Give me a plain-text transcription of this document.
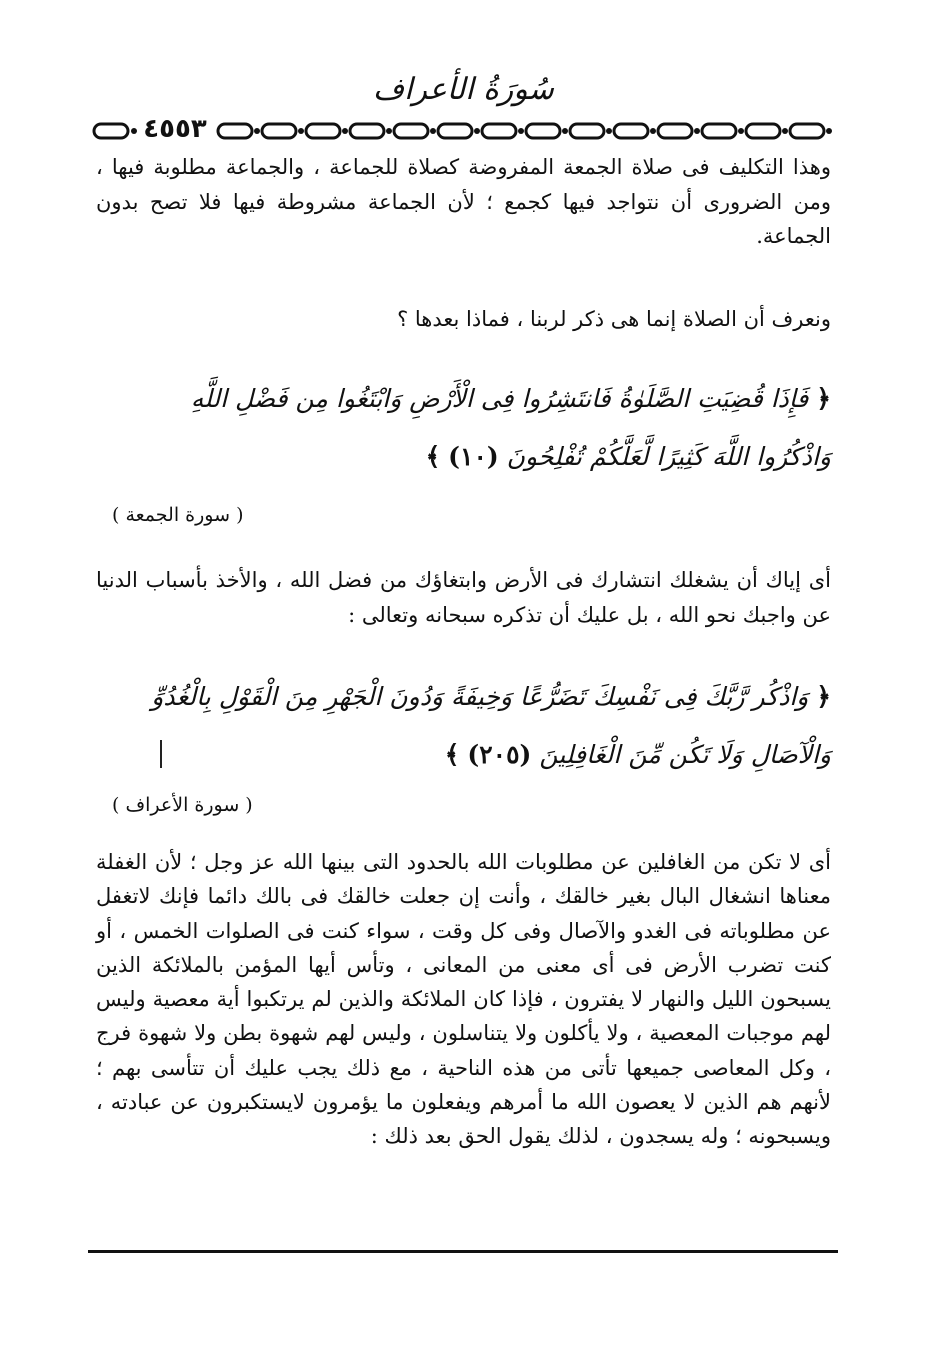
سُورَةُ الأعراف
٤٥٥٣
وهذا التكليف فى صلاة الجمعة المفروضة كصلاة للجماعة ، والجماعة مطلوبة فيها ، ومن الضرورى أن نتواجد فيها كجمع ؛ لأن الجماعة مشروطة فيها فلا تصح بدون الجماعة.
ونعرف أن الصلاة إنما هى ذكر لربنا ، فماذا بعدها ؟
﴿ فَإِذَا قُضِيَتِ الصَّلَوٰةُ فَانتَشِرُوا فِى الْأَرْضِ وَابْتَغُوا مِن فَضْلِ اللَّهِ وَاذْكُرُوا اللَّهَ كَثِيرًا لَّعَلَّكُمْ تُفْلِحُونَ (١٠) ﴾
( سورة الجمعة )
أى إياك أن يشغلك انتشارك فى الأرض وابتغاؤك من فضل الله ، والأخذ بأسباب الدنيا عن واجبك نحو الله ، بل عليك أن تذكره سبحانه وتعالى :
﴿ وَاذْكُر رَّبَّكَ فِى نَفْسِكَ تَضَرُّعًا وَخِيفَةً وَدُونَ الْجَهْرِ مِنَ الْقَوْلِ بِالْغُدُوِّ وَالْآصَالِ وَلَا تَكُن مِّنَ الْغَافِلِينَ (٢٠٥) ﴾
( سورة الأعراف )
أى لا تكن من الغافلين عن مطلوبات الله بالحدود التى بينها الله عز وجل ؛ لأن الغفلة معناها انشغال البال بغير خالقك ، وأنت إن جعلت خالقك فى بالك دائما فإنك لاتغفل عن مطلوباته فى الغدو والآصال وفى كل وقت ، سواء كنت فى الصلوات الخمس ، أو كنت تضرب الأرض فى أى معنى من المعانى ، وتأس أيها المؤمن بالملائكة الذين يسبحون الليل والنهار لا يفترون ، فإذا كان الملائكة والذين لم يرتكبوا أية معصية وليس لهم موجبات المعصية ، ولا يأكلون ولا يتناسلون ، وليس لهم شهوة بطن ولا شهوة فرج ، وكل المعاصى جميعها تأتى من هذه الناحية ، مع ذلك يجب عليك أن تتأسى بهم ؛ لأنهم هم الذين لا يعصون الله ما أمرهم ويفعلون ما يؤمرون لايستكبرون عن عبادته ، ويسبحونه ؛ وله يسجدون ، لذلك يقول الحق بعد ذلك :
